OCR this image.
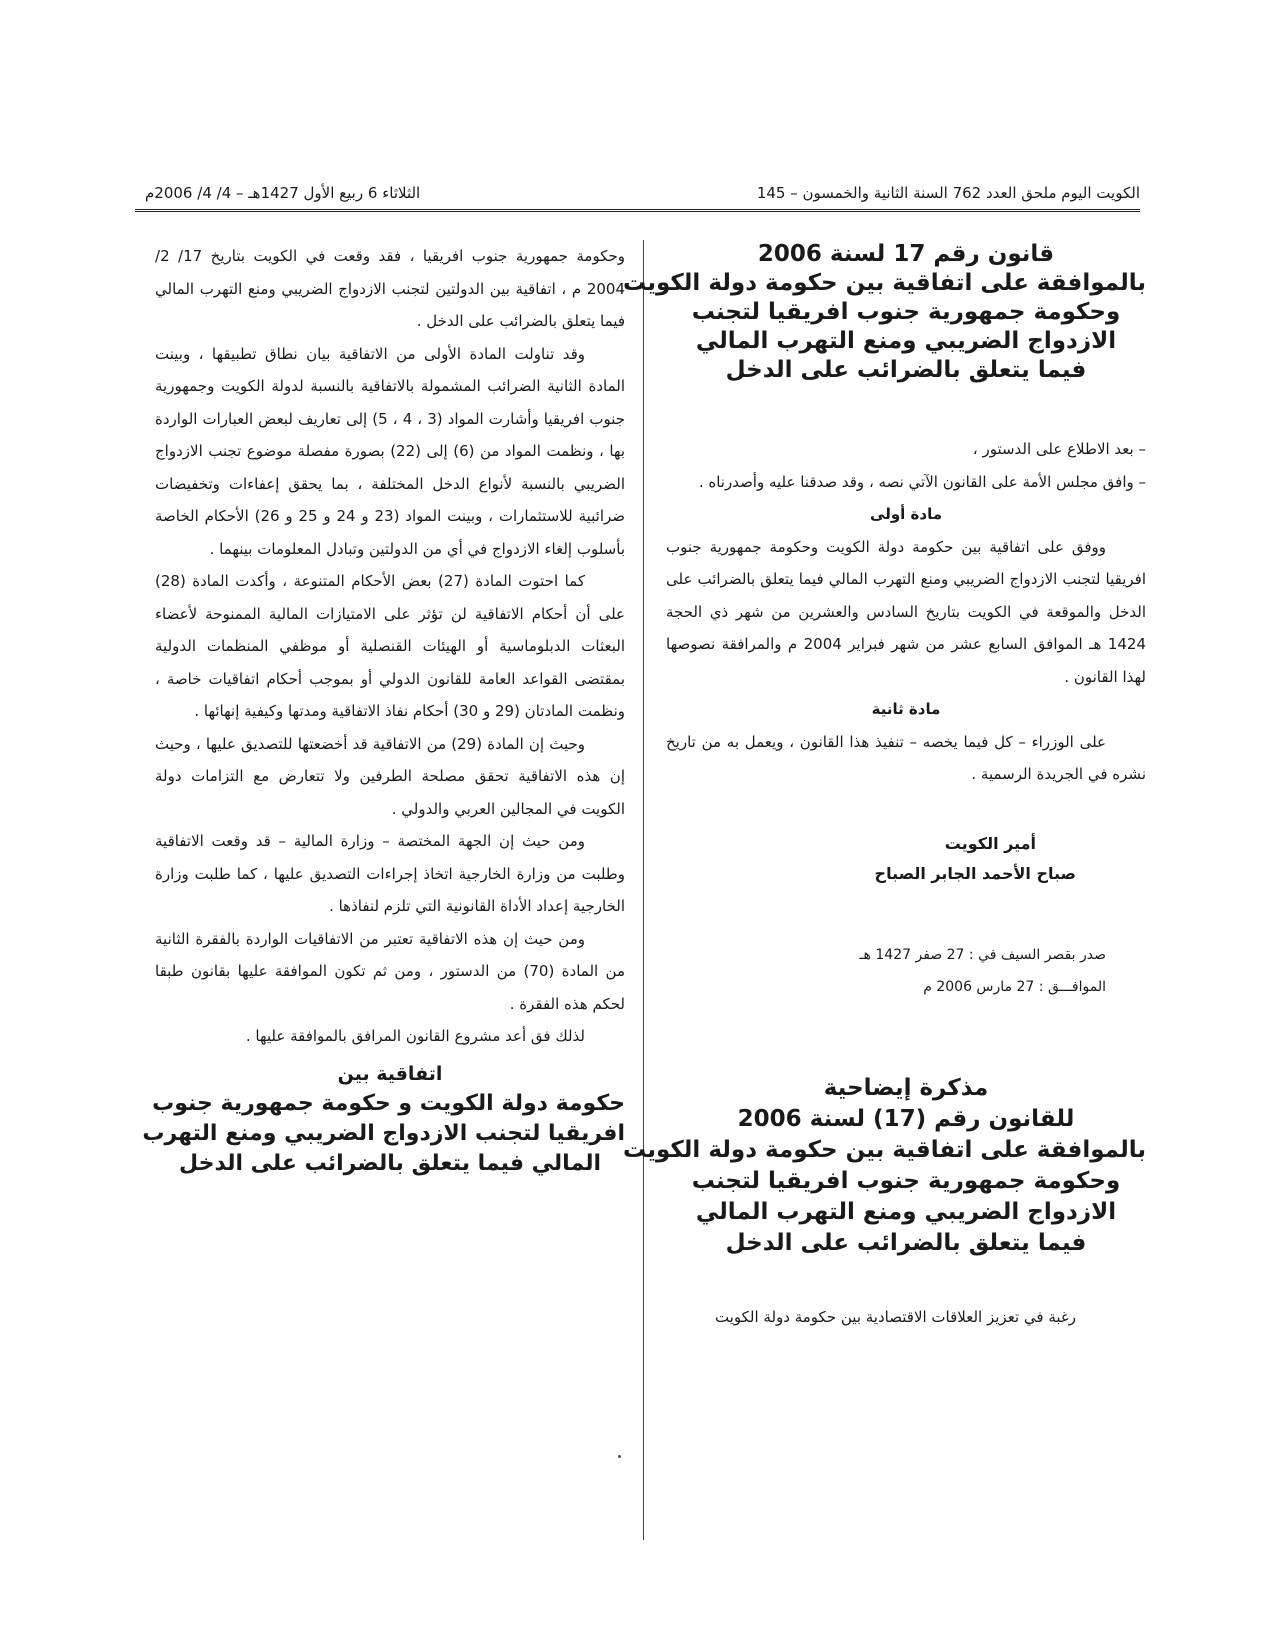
الكويت اليوم ملحق العدد 762 السنة الثانية والخمسون – 145
الثلاثاء 6 ربيع الأول 1427هـ – 4/ 4/ 2006م
قانون رقم 17 لسنة 2006
بالموافقة على اتفاقية بين حكومة دولة الكويت
وحكومة جمهورية جنوب افريقيا لتجنب
الازدواج الضريبي ومنع التهرب المالي
فيما يتعلق بالضرائب على الدخل

– بعد الاطلاع على الدستور ،

– وافق مجلس الأمة على القانون الآتي نصه ، وقد صدقنا عليه وأصدرناه .

مادة أولى

ووفق على اتفاقية بين حكومة دولة الكويت وحكومة جمهورية جنوب افريقيا لتجنب الازدواج الضريبي ومنع التهرب المالي فيما يتعلق بالضرائب على الدخل والموقعة في الكويت بتاريخ السادس والعشرين من شهر ذي الحجة 1424 هـ الموافق السابع عشر من شهر فبراير 2004 م والمرافقة نصوصها لهذا القانون .

مادة ثانية

على الوزراء – كل فيما يخصه – تنفيذ هذا القانون ، ويعمل به من تاريخ نشره في الجريدة الرسمية .

أمير الكويت
صباح الأحمد الجابر الصباح
صدر بقصر السيف في : 27 صفر 1427 هـ
الموافـــق : 27 مارس 2006 م
مذكرة إيضاحية
للقانون رقم (17) لسنة 2006
بالموافقة على اتفاقية بين حكومة دولة الكويت
وحكومة جمهورية جنوب افريقيا لتجنب
الازدواج الضريبي ومنع التهرب المالي
فيما يتعلق بالضرائب على الدخل
رغبة في تعزيز العلاقات الاقتصادية بين حكومة دولة الكويت

وحكومة جمهورية جنوب افريقيا ، فقد وقعت في الكويت بتاريخ 17/ 2/ 2004 م ، اتفاقية بين الدولتين لتجنب الازدواج الضريبي ومنع التهرب المالي فيما يتعلق بالضرائب على الدخل .

وقد تناولت المادة الأولى من الاتفاقية بيان نطاق تطبيقها ، وبينت المادة الثانية الضرائب المشمولة بالاتفاقية بالنسبة لدولة الكويت وجمهورية جنوب افريقيا وأشارت المواد (3 ، 4 ، 5) إلى تعاريف لبعض العبارات الواردة بها ، ونظمت المواد من (6) إلى (22) بصورة مفصلة موضوع تجنب الازدواج الضريبي بالنسبة لأنواع الدخل المختلفة ، بما يحقق إعفاءات وتخفيضات ضرائبية للاستثمارات ، وبينت المواد (23 و 24 و 25 و 26) الأحكام الخاصة بأسلوب إلغاء الازدواج في أي من الدولتين وتبادل المعلومات بينهما .

كما احتوت المادة (27) بعض الأحكام المتنوعة ، وأكدت المادة (28) على أن أحكام الاتفاقية لن تؤثر على الامتيازات المالية الممنوحة لأعضاء البعثات الدبلوماسية أو الهيئات القنصلية أو موظفي المنظمات الدولية بمقتضى القواعد العامة للقانون الدولي أو بموجب أحكام اتفاقيات خاصة ، ونظمت المادتان (29 و 30) أحكام نفاذ الاتفاقية ومدتها وكيفية إنهائها .

وحيث إن المادة (29) من الاتفاقية قد أخضعتها للتصديق عليها ، وحيث إن هذه الاتفاقية تحقق مصلحة الطرفين ولا تتعارض مع التزامات دولة الكويت في المجالين العربي والدولي .

ومن حيث إن الجهة المختصة – وزارة المالية – قد وقعت الاتفاقية وطلبت من وزارة الخارجية اتخاذ إجراءات التصديق عليها ، كما طلبت وزارة الخارجية إعداد الأداة القانونية التي تلزم لنفاذها .

ومن حيث إن هذه الاتفاقية تعتبر من الاتفاقيات الواردة بالفقرة الثانية من المادة (70) من الدستور ، ومن ثم تكون الموافقة عليها بقانون طبقا لحكم هذه الفقرة .

لذلك فق أعد مشروع القانون المرافق بالموافقة عليها .

اتفاقية بين
حكومة دولة الكويت و حكومة جمهورية جنوب
افريقيا لتجنب الازدواج الضريبي ومنع التهرب
المالي فيما يتعلق بالضرائب على الدخل
